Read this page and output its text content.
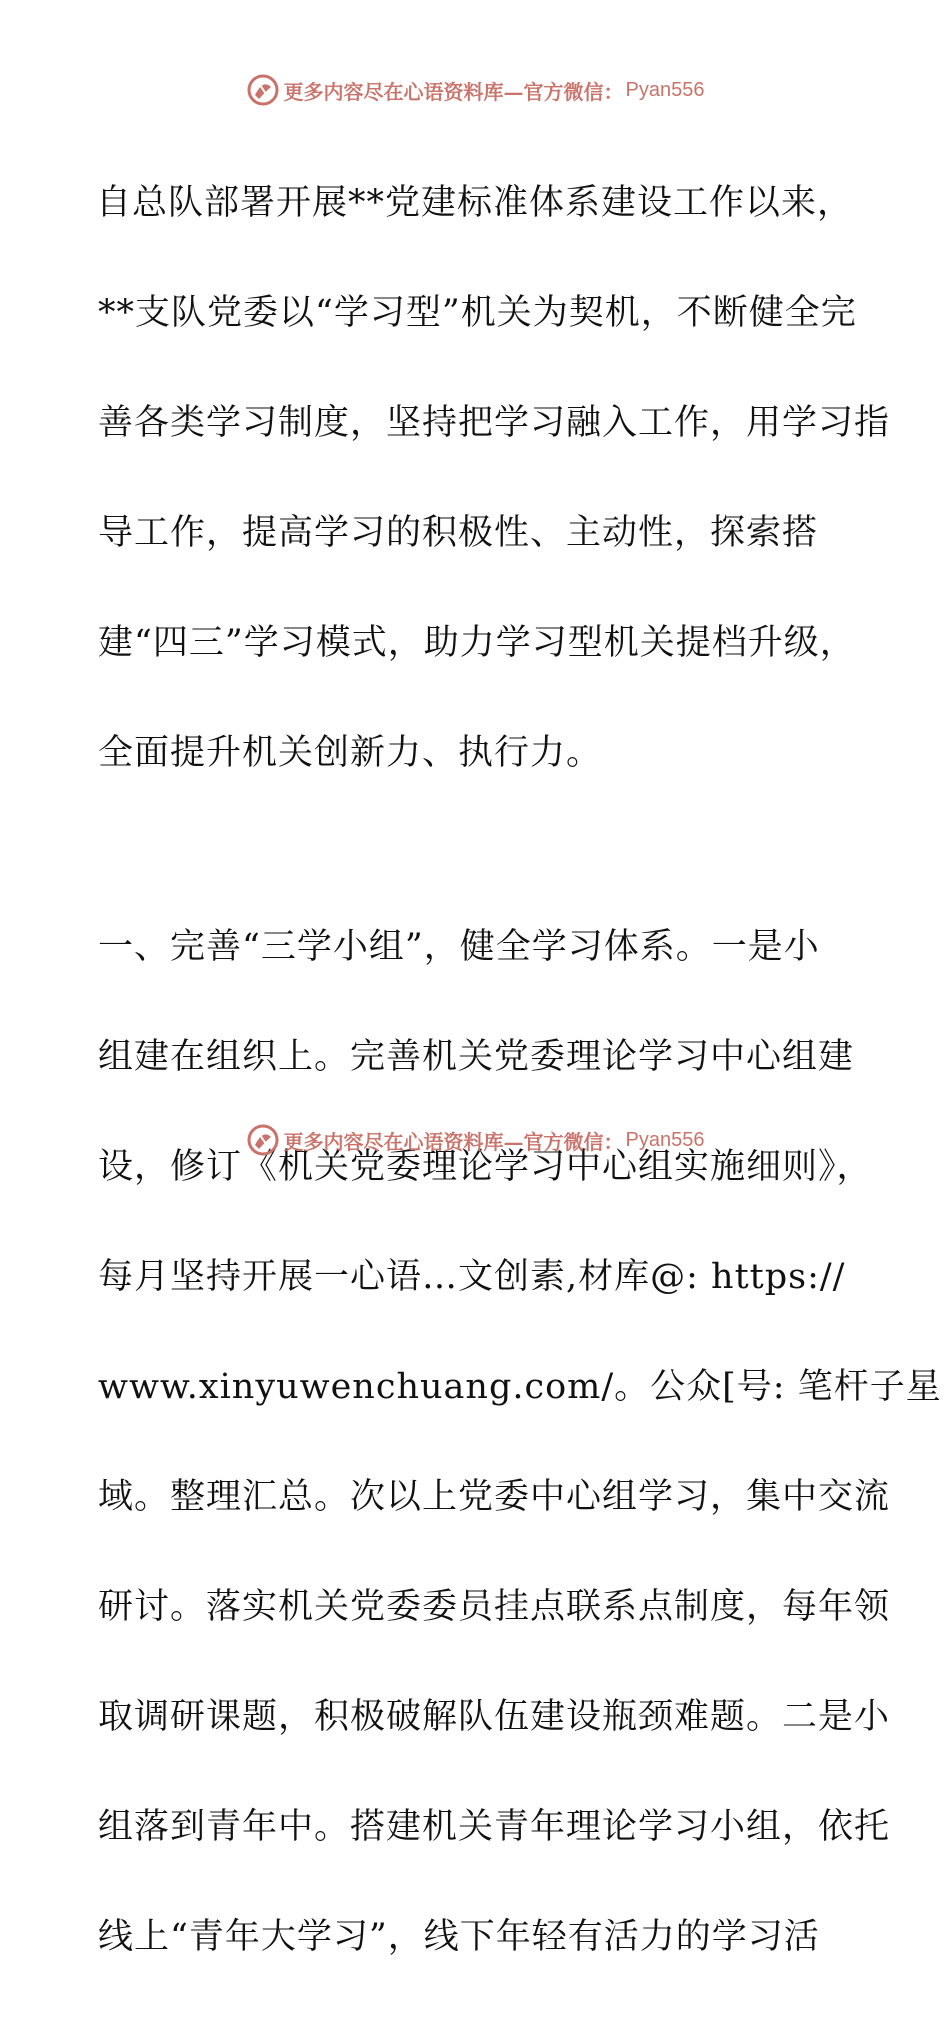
更多内容尽在心语资料库—官方微信： Pyan556

自总队部署开展**党建标准体系建设工作以来，

**支队党委以“学习型”机关为契机，不断健全完

善各类学习制度，坚持把学习融入工作，用学习指

导工作，提高学习的积极性、主动性，探索搭

建“四三”学习模式，助力学习型机关提档升级，

全面提升机关创新力、执行力。

一、完善“三学小组”，健全学习体系。一是小

组建在组织上。完善机关党委理论学习中心组建

设，修订《机关党委理论学习中心组实施细则》，

每月坚持开展一心语…文创素,材库@: https://

www.xinyuwenchuang.com/。公众[号: 笔杆子星

域。整理汇总。次以上党委中心组学习，集中交流

研讨。落实机关党委委员挂点联系点制度，每年领

取调研课题，积极破解队伍建设瓶颈难题。二是小

组落到青年中。搭建机关青年理论学习小组，依托

线上“青年大学习”，线下年轻有活力的学习活

更多内容尽在心语资料库—官方微信： Pyan556
